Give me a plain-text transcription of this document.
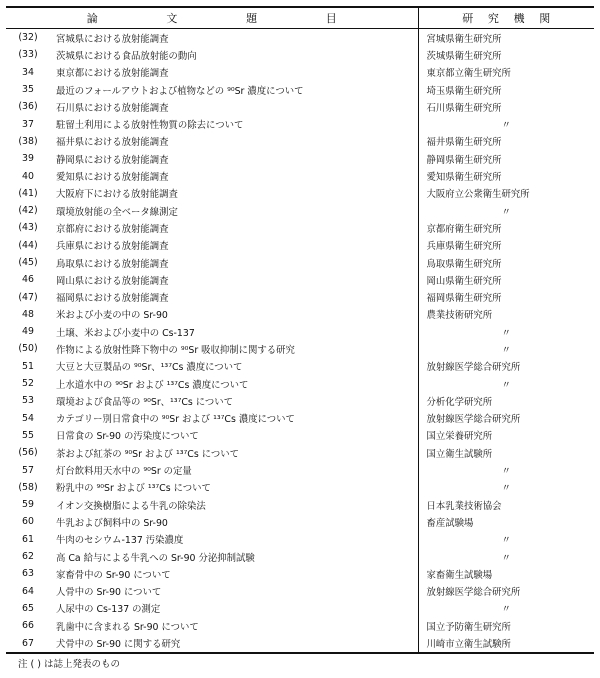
論 文 題 目		研 究 機 関

(32)	宮城県における放射能調査	宮城県衛生研究所
(33)	茨城県における食品放射能の動向	茨城県衛生研究所
34	東京都における放射能調査	東京都立衛生研究所
35	最近のフォールアウトおよび植物などの ⁹⁰Sr 濃度について	埼玉県衛生研究所
(36)	石川県における放射能調査	石川県衛生研究所
37	駐留土利用による放射性物質の除去について	〃
(38)	福井県における放射能調査	福井県衛生研究所
39	静岡県における放射能調査	静岡県衛生研究所
40	愛知県における放射能調査	愛知県衛生研究所
(41)	大阪府下における放射能調査	大阪府立公衆衛生研究所
(42)	環境放射能の全ベータ線測定	〃
(43)	京都府における放射能調査	京都府衛生研究所
(44)	兵庫県における放射能調査	兵庫県衛生研究所
(45)	鳥取県における放射能調査	鳥取県衛生研究所
46	岡山県における放射能調査	岡山県衛生研究所
(47)	福岡県における放射能調査	福岡県衛生研究所
48	米および小麦の中の Sr-90	農業技術研究所
49	土壌、米および小麦中の Cs-137	〃
(50)	作物による放射性降下物中の ⁹⁰Sr 吸収抑制に関する研究	〃
51	大豆と大豆製品の ⁹⁰Sr、¹³⁷Cs 濃度について	放射線医学総合研究所
52	上水道水中の ⁹⁰Sr および ¹³⁷Cs 濃度について	〃
53	環境および食品等の ⁹⁰Sr、¹³⁷Cs について	分析化学研究所
54	カテゴリー別日常食中の ⁹⁰Sr および ¹³⁷Cs 濃度について	放射線医学総合研究所
55	日常食の Sr-90 の汚染度について	国立栄養研究所
(56)	茶および紅茶の ⁹⁰Sr および ¹³⁷Cs について	国立衛生試験所
57	灯台飲料用天水中の ⁹⁰Sr の定量	〃
(58)	粉乳中の ⁹⁰Sr および ¹³⁷Cs について	〃
59	イオン交換樹脂による牛乳の除染法	日本乳業技術協会
60	牛乳および飼料中の Sr-90	畜産試験場
61	牛肉のセシウム-137 汚染濃度	〃
62	高 Ca 給与による牛乳への Sr-90 分泌抑制試験	〃
63	家畜骨中の Sr-90 について	家畜衛生試験場
64	人骨中の Sr-90 について	放射線医学総合研究所
65	人尿中の Cs-137 の測定	〃
66	乳歯中に含まれる Sr-90 について	国立予防衛生研究所
67	犬骨中の Sr-90 に関する研究	川崎市立衛生試験所
注 ( ) は誌上発表のもの
